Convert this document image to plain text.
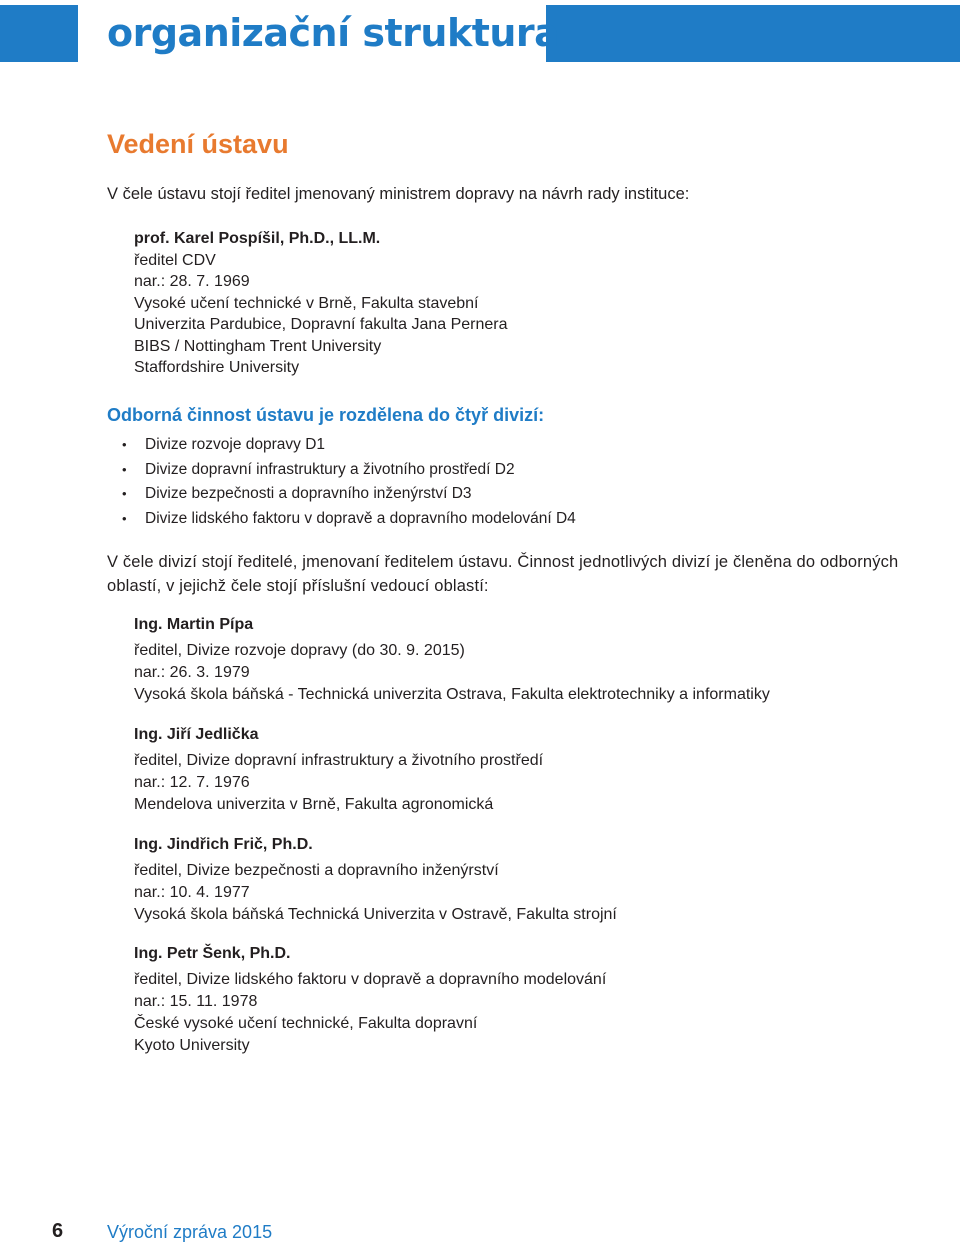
organizační struktura
Vedení ústavu

V čele ústavu stojí ředitel jmenovaný ministrem dopravy na návrh rady instituce:

prof. Karel Pospíšil, Ph.D., LL.M.
ředitel CDV
nar.: 28. 7. 1969
Vysoké učení technické v Brně, Fakulta stavební
Univerzita Pardubice, Dopravní fakulta Jana Pernera
BIBS / Nottingham Trent University
Staffordshire University
Odborná činnost ústavu je rozdělena do čtyř divizí:
• Divize rozvoje dopravy D1
• Divize dopravní infrastruktury a životního prostředí D2
• Divize bezpečnosti a dopravního inženýrství D3
• Divize lidského faktoru v dopravě a dopravního modelování D4

V čele divizí stojí ředitelé, jmenovaní ředitelem ústavu. Činnost jednotlivých divizí je členěna do odborných oblastí, v jejichž čele stojí příslušní vedoucí oblastí:

Ing. Martin Pípa
ředitel, Divize rozvoje dopravy (do 30. 9. 2015)
nar.: 26. 3. 1979
Vysoká škola báňská - Technická univerzita Ostrava, Fakulta elektrotechniky a informatiky
Ing. Jiří Jedlička
ředitel, Divize dopravní infrastruktury a životního prostředí
nar.: 12. 7. 1976
Mendelova univerzita v Brně, Fakulta agronomická
Ing. Jindřich Frič, Ph.D.
ředitel, Divize bezpečnosti a dopravního inženýrství
nar.: 10. 4. 1977
Vysoká škola báňská Technická Univerzita v Ostravě, Fakulta strojní
Ing. Petr Šenk, Ph.D.
ředitel, Divize lidského faktoru v dopravě a dopravního modelování
nar.: 15. 11. 1978
České vysoké učení technické, Fakulta dopravní
Kyoto University
6 Výroční zpráva 2015
